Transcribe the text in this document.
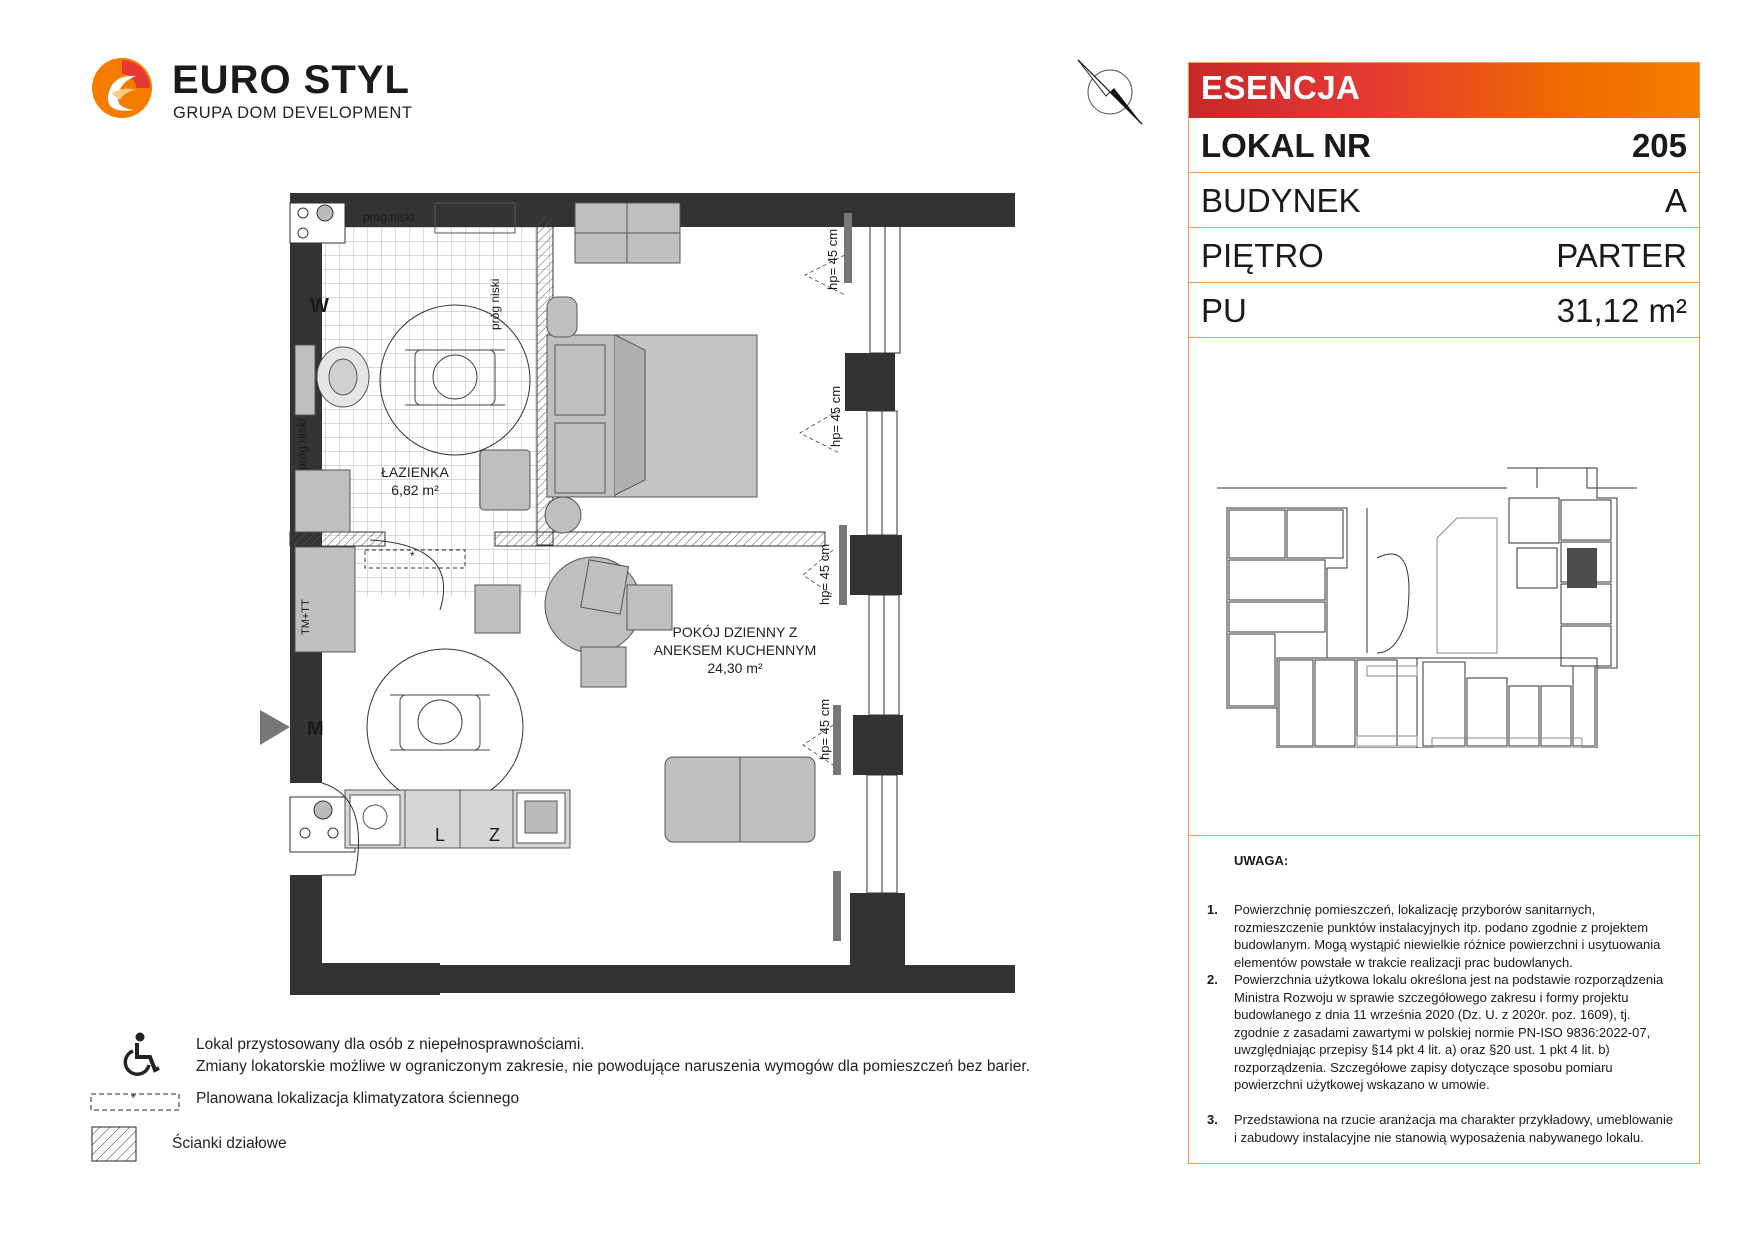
EURO STYL
GRUPA DOM DEVELOPMENT
ESENCJA
LOKAL NR	205
BUDYNEK	A
PIĘTRO	PARTER
PU	31,12 m²
UWAGA:
1. Powierzchnię pomieszczeń, lokalizację przyborów sanitarnych, rozmieszczenie punktów instalacyjnych itp. podano zgodnie z projektem budowlanym. Mogą wystąpić niewielkie różnice powierzchni i usytuowania elementów powstałe w trakcie realizacji prac budowlanych.
2. Powierzchnia użytkowa lokalu określona jest na podstawie rozporządzenia Ministra Rozwoju w sprawie szczegółowego zakresu i formy projektu budowlanego z dnia 11 września 2020 (Dz. U. z 2020r. poz. 1609), tj. zgodnie z zasadami zawartymi w polskiej normie PN-ISO 9836:2022-07, uwzględniając przepisy §14 pkt 4 lit. a) oraz §20 ust. 1 pkt 4 lit. b) rozporządzenia. Szczegółowe zapisy dotyczące sposobu pomiaru powierzchni użytkowej wskazano w umowie.
3. Przedstawiona na rzucie aranżacja ma charakter przykładowy, umeblowanie i zabudowy instalacyjne nie stanowią wyposażenia nabywanego lokalu.
ŁAZIENKA
6,82 m²
POKÓJ DZIENNY Z
ANEKSEM KUCHENNYM
24,30 m²
próg niski
próg niski
próg niski
hp= 45 cm
hp= 45 cm
hp= 45 cm
hp= 45 cm
W
M
TM+TT
L Z
*
Lokal przystosowany dla osób z niepełnosprawnościami.
Zmiany lokatorskie możliwe w ograniczonym zakresie, nie powodujące naruszenia wymogów dla pomieszczeń bez barier.
*	Planowana lokalizacja klimatyzatora ściennego
Ścianki działowe
